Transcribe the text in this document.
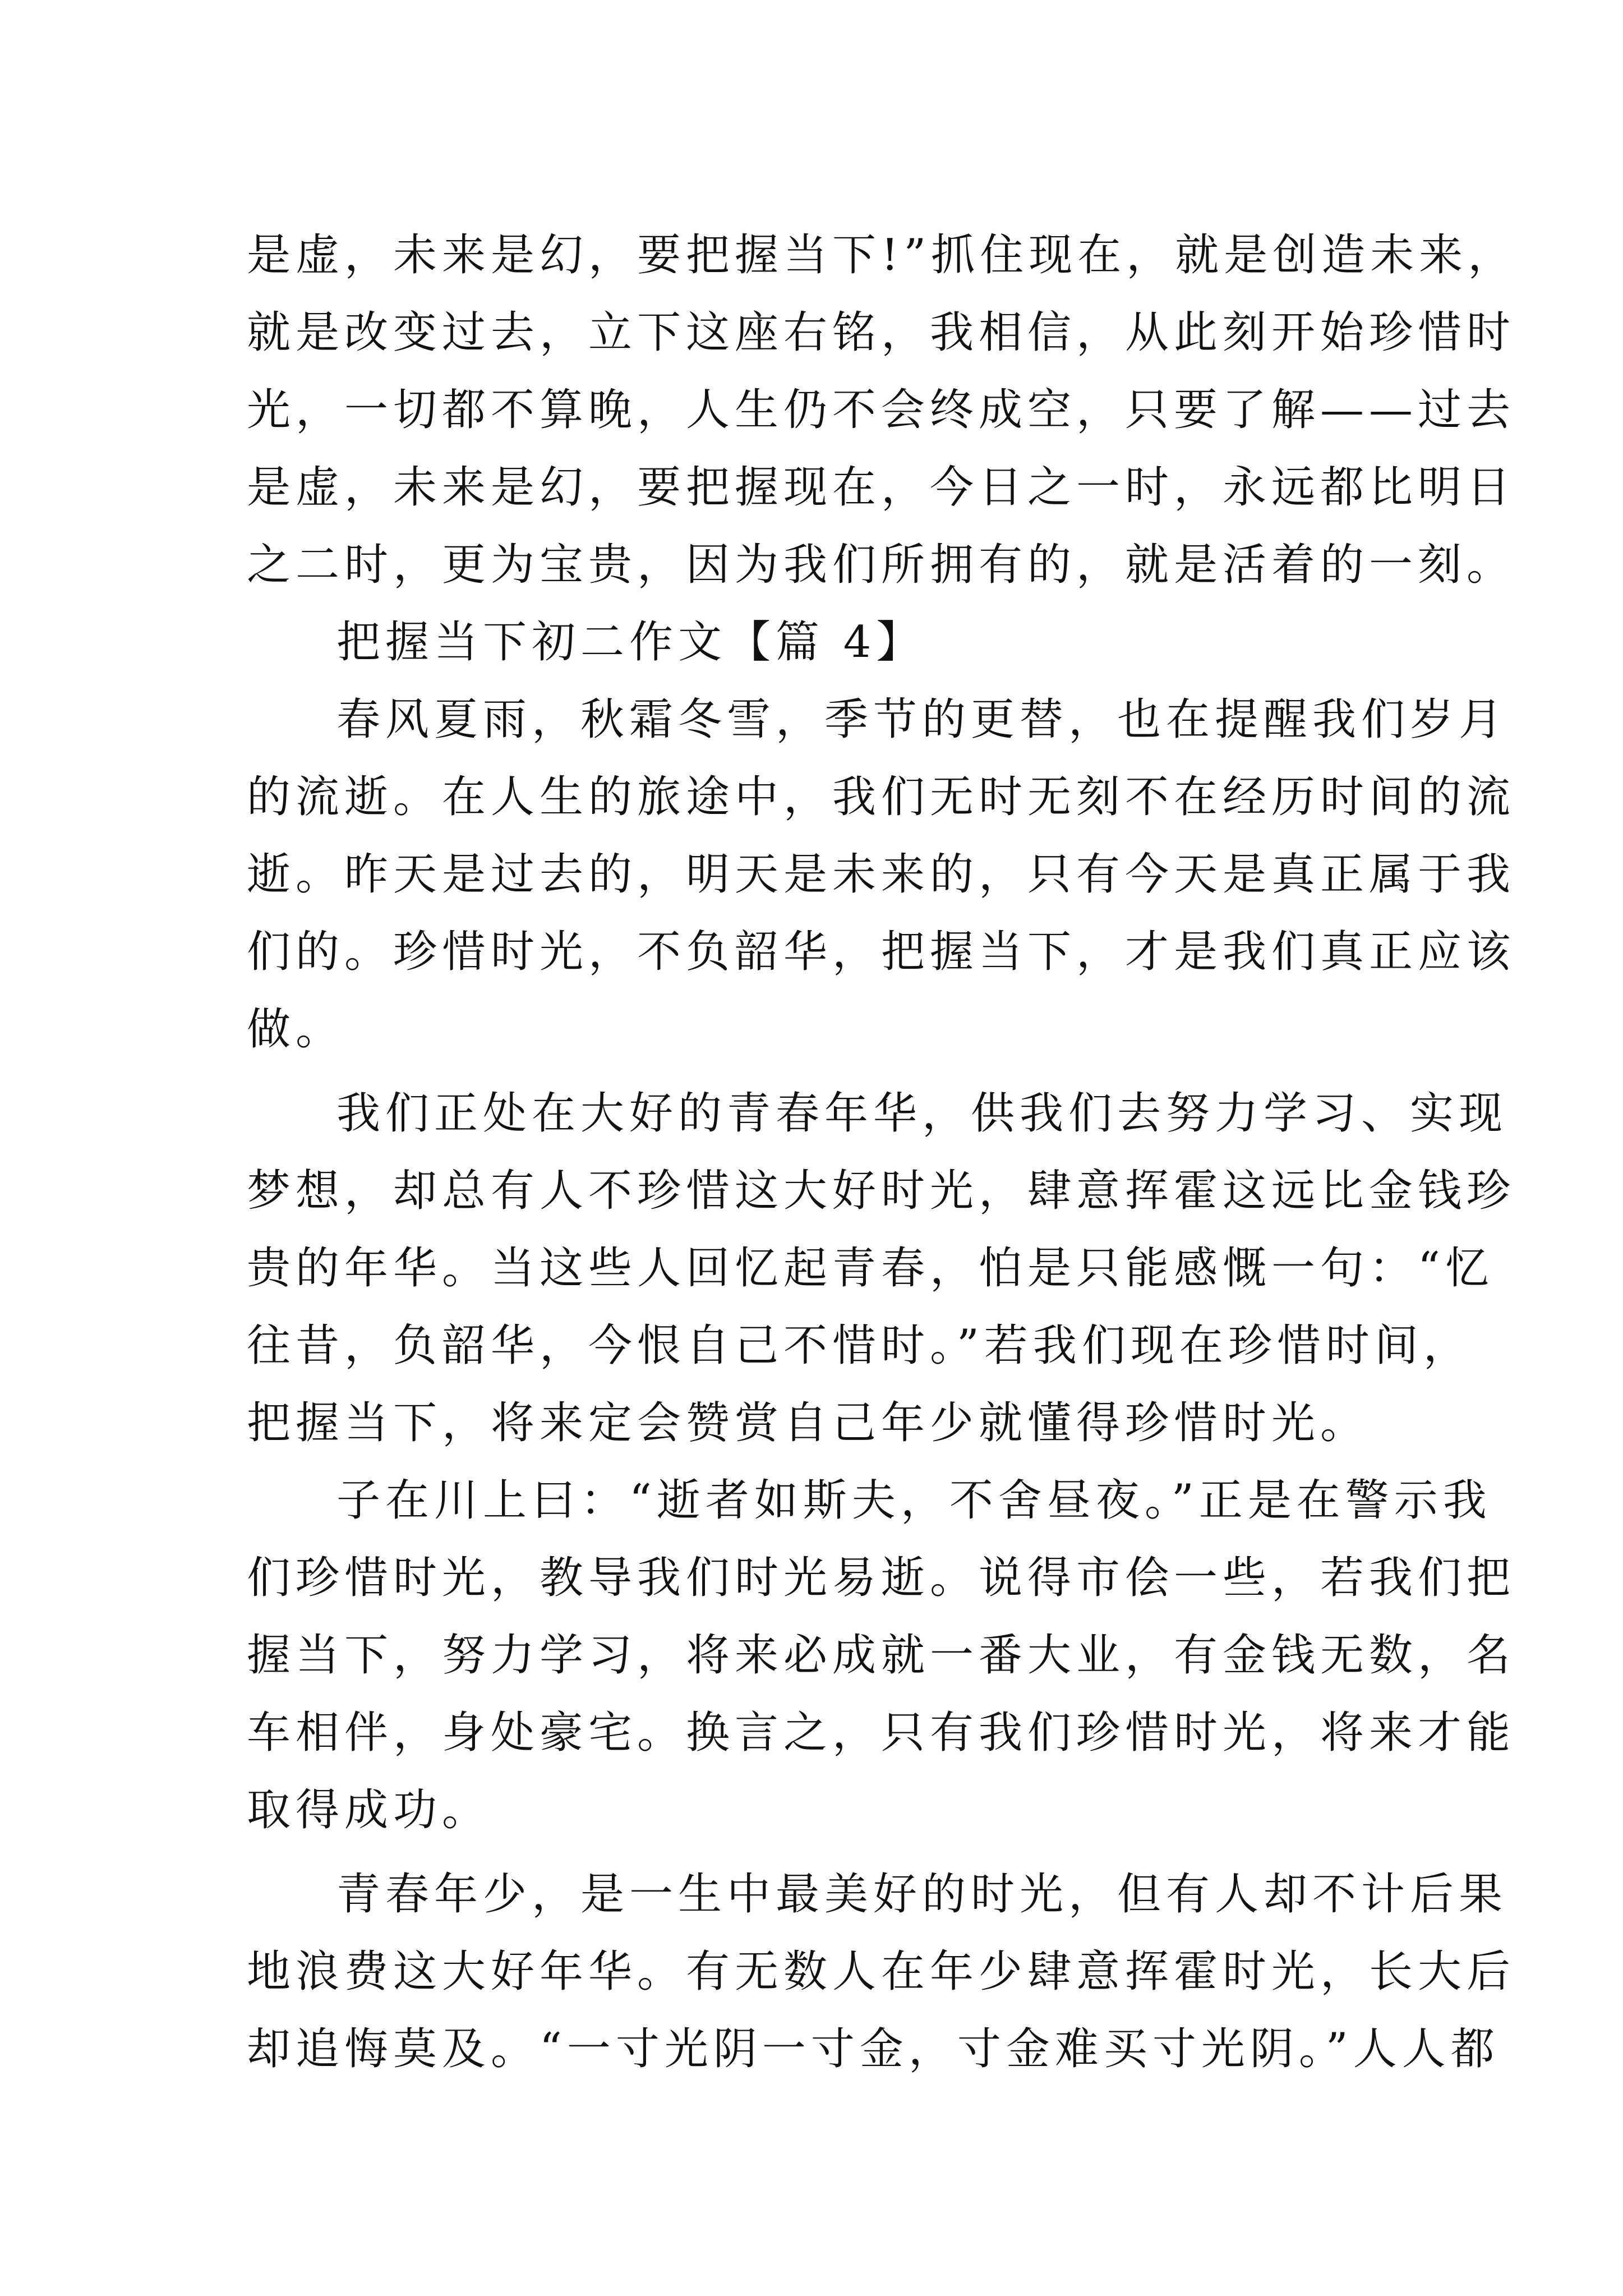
是虚，未来是幻，要把握当下!”抓住现在，就是创造未来，
就是改变过去，立下这座右铭，我相信，从此刻开始珍惜时
光，一切都不算晚，人生仍不会终成空，只要了解——过去
是虚，未来是幻，要把握现在，今日之一时，永远都比明日
之二时，更为宝贵，因为我们所拥有的，就是活着的一刻。
把握当下初二作文【篇 4】
春风夏雨，秋霜冬雪，季节的更替，也在提醒我们岁月
的流逝。在人生的旅途中，我们无时无刻不在经历时间的流
逝。昨天是过去的，明天是未来的，只有今天是真正属于我
们的。珍惜时光，不负韶华，把握当下，才是我们真正应该
做。
我们正处在大好的青春年华，供我们去努力学习、实现
梦想，却总有人不珍惜这大好时光，肆意挥霍这远比金钱珍
贵的年华。当这些人回忆起青春，怕是只能感慨一句：“忆
往昔，负韶华，今恨自己不惜时。”若我们现在珍惜时间，
把握当下，将来定会赞赏自己年少就懂得珍惜时光。
子在川上曰：“逝者如斯夫，不舍昼夜。”正是在警示我
们珍惜时光，教导我们时光易逝。说得市侩一些，若我们把
握当下，努力学习，将来必成就一番大业，有金钱无数，名
车相伴，身处豪宅。换言之，只有我们珍惜时光，将来才能
取得成功。
青春年少，是一生中最美好的时光，但有人却不计后果
地浪费这大好年华。有无数人在年少肆意挥霍时光，长大后
却追悔莫及。“一寸光阴一寸金，寸金难买寸光阴。”人人都
